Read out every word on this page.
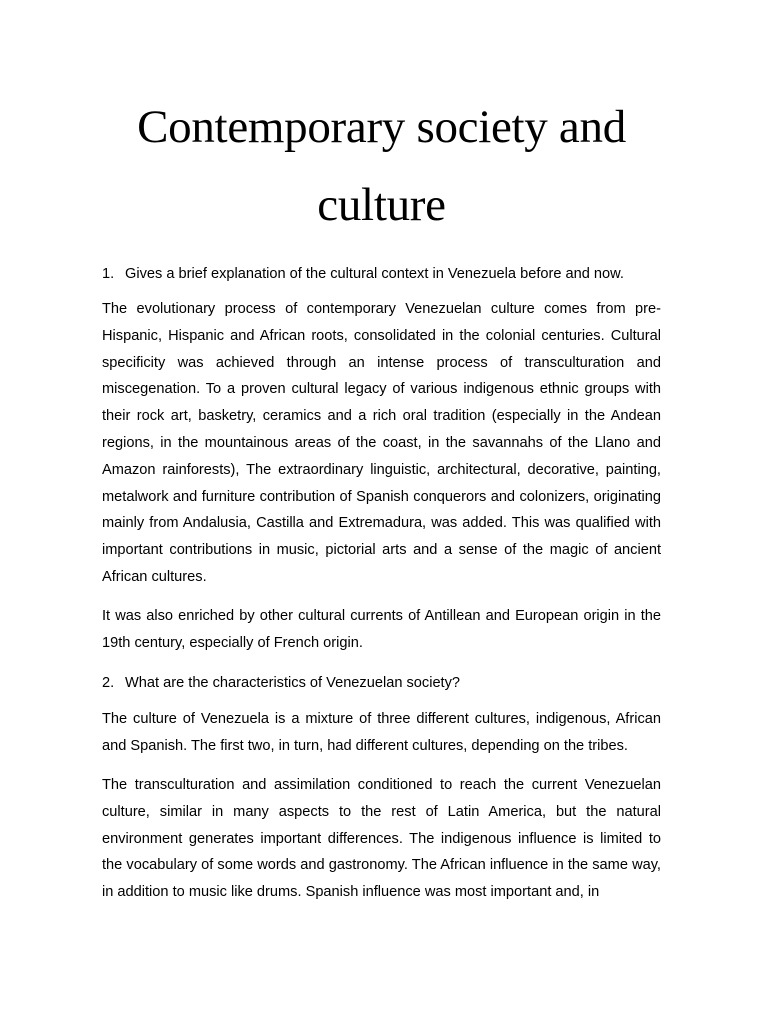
Contemporary society and
culture
1. Gives a brief explanation of the cultural context in Venezuela before and now.

The evolutionary process of contemporary Venezuelan culture comes from pre-Hispanic, Hispanic and African roots, consolidated in the colonial centuries. Cultural specificity was achieved through an intense process of transculturation and miscegenation. To a proven cultural legacy of various indigenous ethnic groups with their rock art, basketry, ceramics and a rich oral tradition (especially in the Andean regions, in the mountainous areas of the coast, in the savannahs of the Llano and Amazon rainforests), The extraordinary linguistic, architectural, decorative, painting, metalwork and furniture contribution of Spanish conquerors and colonizers, originating mainly from Andalusia, Castilla and Extremadura, was added. This was qualified with important contributions in music, pictorial arts and a sense of the magic of ancient African cultures.

It was also enriched by other cultural currents of Antillean and European origin in the 19th century, especially of French origin.

2. What are the characteristics of Venezuelan society?

The culture of Venezuela is a mixture of three different cultures, indigenous, African and Spanish. The first two, in turn, had different cultures, depending on the tribes.

The transculturation and assimilation conditioned to reach the current Venezuelan culture, similar in many aspects to the rest of Latin America, but the natural environment generates important differences. The indigenous influence is limited to the vocabulary of some words and gastronomy. The African influence in the same way, in addition to music like drums. Spanish influence was most important and, in
